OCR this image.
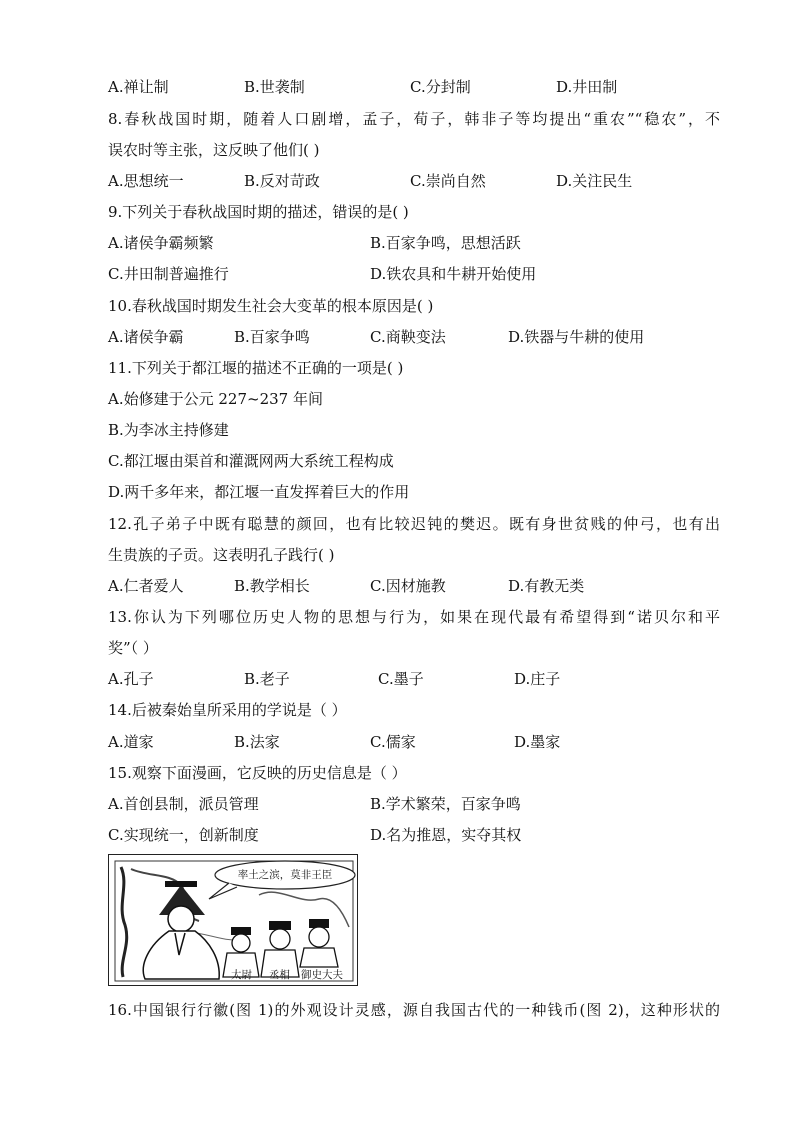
A.禅让制	B.世袭制	C.分封制	D.井田制
8.春秋战国时期，随着人口剧增，孟子，荀子，韩非子等均提出“重农”“稳农”，不
误农时等主张，这反映了他们( )
A.思想统一	B.反对苛政	C.崇尚自然	D.关注民生
9.下列关于春秋战国时期的描述，错误的是( )
A.诸侯争霸频繁	B.百家争鸣，思想活跃
C.井田制普遍推行	D.铁农具和牛耕开始使用
10.春秋战国时期发生社会大变革的根本原因是( )
A.诸侯争霸	B.百家争鸣	C.商鞅变法	D.铁器与牛耕的使用
11.下列关于都江堰的描述不正确的一项是( )
A.始修建于公元 227~237 年间
B.为李冰主持修建
C.都江堰由渠首和灌溉网两大系统工程构成
D.两千多年来，都江堰一直发挥着巨大的作用
12.孔子弟子中既有聪慧的颜回，也有比较迟钝的樊迟。既有身世贫贱的仲弓，也有出
生贵族的子贡。这表明孔子践行( )
A.仁者爱人	B.教学相长	C.因材施教	D.有教无类
13.你认为下列哪位历史人物的思想与行为，如果在现代最有希望得到“诺贝尔和平
奖”（ ）
A.孔子	B.老子	C.墨子	D.庄子
14.后被秦始皇所采用的学说是（ ）
A.道家	B.法家	C.儒家	D.墨家
15.观察下面漫画，它反映的历史信息是（ ）
A.首创县制，派员管理	B.学术繁荣，百家争鸣
C.实现统一，创新制度	D.名为推恩，实夺其权
率土之滨，莫非王臣
太尉 丞相 御史大夫
16.中国银行行徽(图 1)的外观设计灵感，源自我国古代的一种钱币(图 2)，这种形状的
